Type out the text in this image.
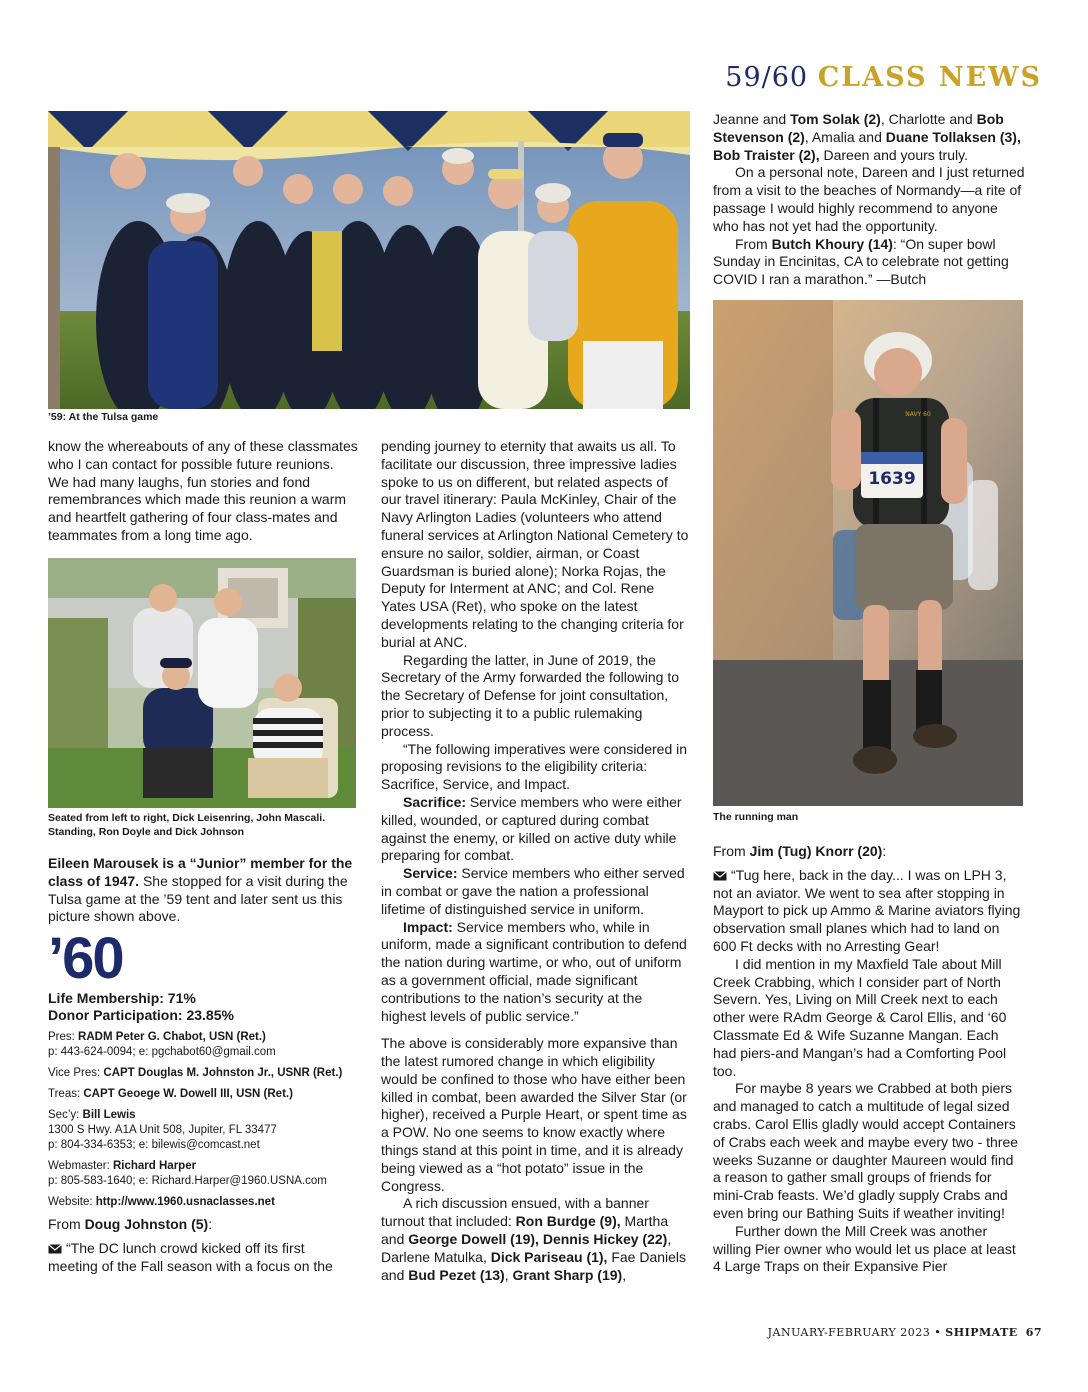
59/60 CLASS NEWS
’59: At the Tulsa game
Seated from left to right, Dick Leisenring, John Mascali. Standing, Ron Doyle and Dick Johnson
1639
NAVY 60
The running man

know the whereabouts of any of these classmates who I can contact for possible future reunions. We had many laughs, fun stories and fond remembrances which made this reunion a warm and heartfelt gathering of four class-mates and teammates from a long time ago.

Eileen Marousek is a “Junior” member for the class of 1947. She stopped for a visit during the Tulsa game at the ’59 tent and later sent us this picture shown above.

’60
Life Membership: 71%
Donor Participation: 23.85%

Pres: RADM Peter G. Chabot, USN (Ret.)
p: 443-624-0094; e: pgchabot60@gmail.com

Vice Pres: CAPT Douglas M. Johnston Jr., USNR (Ret.)

Treas: CAPT Geoege W. Dowell III, USN (Ret.)

Sec’y: Bill Lewis
1300 S Hwy. A1A Unit 508, Jupiter, FL 33477
p: 804-334-6353; e: bilewis@comcast.net

Webmaster: Richard Harper
p: 805-583-1640; e: Richard.Harper@1960.USNA.com

Website: http://www.1960.usnaclasses.net

From Doug Johnston (5):

“The DC lunch crowd kicked off its first meeting of the Fall season with a focus on the

pending journey to eternity that awaits us all. To facilitate our discussion, three impressive ladies spoke to us on different, but related aspects of our travel itinerary: Paula McKinley, Chair of the Navy Arlington Ladies (volunteers who attend funeral services at Arlington National Cemetery to ensure no sailor, soldier, airman, or Coast Guardsman is buried alone); Norka Rojas, the Deputy for Interment at ANC; and Col. Rene Yates USA (Ret), who spoke on the latest developments relating to the changing criteria for burial at ANC.

Regarding the latter, in June of 2019, the Secretary of the Army forwarded the following to the Secretary of Defense for joint consultation, prior to subjecting it to a public rulemaking process.

“The following imperatives were considered in proposing revisions to the eligibility criteria: Sacrifice, Service, and Impact.

Sacrifice: Service members who were either killed, wounded, or captured during combat against the enemy, or killed on active duty while preparing for combat.

Service: Service members who either served in combat or gave the nation a professional lifetime of distinguished service in uniform.

Impact: Service members who, while in uniform, made a significant contribution to defend the nation during wartime, or who, out of uniform as a government official, made significant contributions to the nation’s security at the highest levels of public service.”

The above is considerably more expansive than the latest rumored change in which eligibility would be confined to those who have either been killed in combat, been awarded the Silver Star (or higher), received a Purple Heart, or spent time as a POW. No one seems to know exactly where things stand at this point in time, and it is already being viewed as a “hot potato” issue in the Congress.

A rich discussion ensued, with a banner turnout that included: Ron Burdge (9), Martha and George Dowell (19), Dennis Hickey (22), Darlene Matulka, Dick Pariseau (1), Fae Daniels and Bud Pezet (13), Grant Sharp (19),

Jeanne and Tom Solak (2), Charlotte and Bob Stevenson (2), Amalia and Duane Tollaksen (3), Bob Traister (2), Dareen and yours truly.

On a personal note, Dareen and I just returned from a visit to the beaches of Normandy—a rite of passage I would highly recommend to anyone who has not yet had the opportunity.

From Butch Khoury (14): “On super bowl Sunday in Encinitas, CA to celebrate not getting COVID I ran a marathon.” —Butch

From Jim (Tug) Knorr (20):

“Tug here, back in the day... I was on LPH 3, not an aviator. We went to sea after stopping in Mayport to pick up Ammo & Marine aviators flying observation small planes which had to land on 600 Ft decks with no Arresting Gear!

I did mention in my Maxfield Tale about Mill Creek Crabbing, which I consider part of North Severn. Yes, Living on Mill Creek next to each other were RAdm George & Carol Ellis, and ‘60 Classmate Ed & Wife Suzanne Mangan. Each had piers-and Mangan’s had a Comforting Pool too.

For maybe 8 years we Crabbed at both piers and managed to catch a multitude of legal sized crabs. Carol Ellis gladly would accept Containers of Crabs each week and maybe every two - three weeks Suzanne or daughter Maureen would find a reason to gather small groups of friends for mini-Crab feasts. We’d gladly supply Crabs and even bring our Bathing Suits if weather inviting!

Further down the Mill Creek was another willing Pier owner who would let us place at least 4 Large Traps on their Expansive Pier

JANUARY-FEBRUARY 2023 • SHIPMATE 67
